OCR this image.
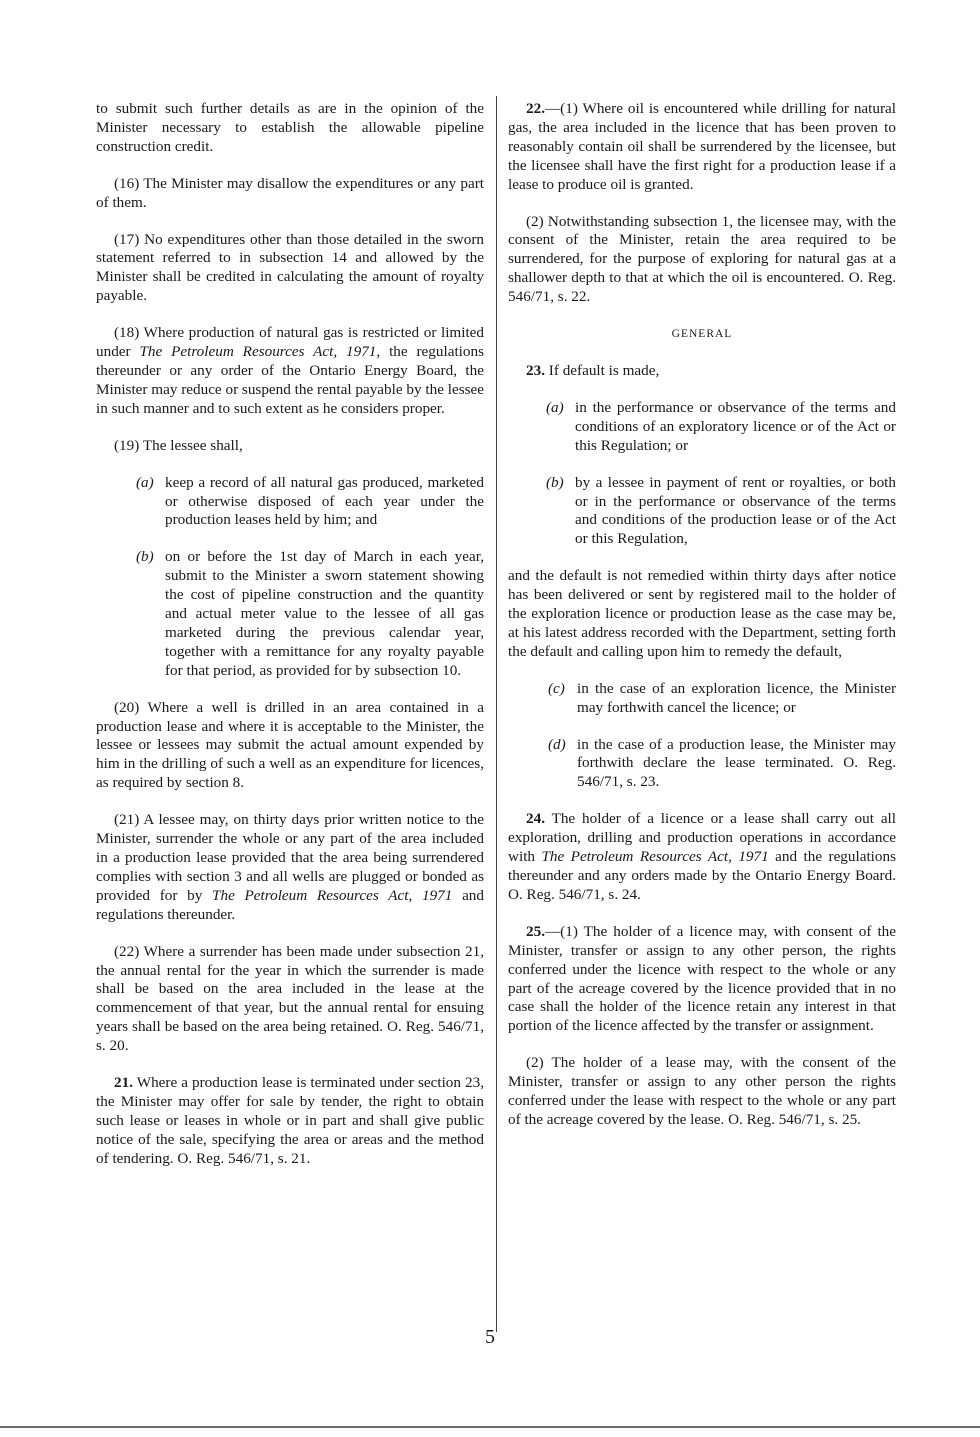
to submit such further details as are in the opinion of the Minister necessary to establish the allowable pipeline construction credit.

(16) The Minister may disallow the expenditures or any part of them.

(17) No expenditures other than those detailed in the sworn statement referred to in subsection 14 and allowed by the Minister shall be credited in calculating the amount of royalty payable.

(18) Where production of natural gas is restricted or limited under The Petroleum Resources Act, 1971, the regulations thereunder or any order of the Ontario Energy Board, the Minister may reduce or suspend the rental payable by the lessee in such manner and to such extent as he considers proper.

(19) The lessee shall,

(a) keep a record of all natural gas produced, marketed or otherwise disposed of each year under the production leases held by him; and
(b) on or before the 1st day of March in each year, submit to the Minister a sworn statement showing the cost of pipeline construction and the quantity and actual meter value to the lessee of all gas marketed during the previous calendar year, together with a remittance for any royalty payable for that period, as provided for by subsection 10.

(20) Where a well is drilled in an area contained in a production lease and where it is acceptable to the Minister, the lessee or lessees may submit the actual amount expended by him in the drilling of such a well as an expenditure for licences, as required by section 8.

(21) A lessee may, on thirty days prior written notice to the Minister, surrender the whole or any part of the area included in a production lease provided that the area being surrendered complies with section 3 and all wells are plugged or bonded as provided for by The Petroleum Resources Act, 1971 and regulations thereunder.

(22) Where a surrender has been made under subsection 21, the annual rental for the year in which the surrender is made shall be based on the area included in the lease at the commencement of that year, but the annual rental for ensuing years shall be based on the area being retained. O. Reg. 546/71, s. 20.

21. Where a production lease is terminated under section 23, the Minister may offer for sale by tender, the right to obtain such lease or leases in whole or in part and shall give public notice of the sale, specifying the area or areas and the method of tendering. O. Reg. 546/71, s. 21.

22.—(1) Where oil is encountered while drilling for natural gas, the area included in the licence that has been proven to reasonably contain oil shall be surrendered by the licensee, but the licensee shall have the first right for a production lease if a lease to produce oil is granted.

(2) Notwithstanding subsection 1, the licensee may, with the consent of the Minister, retain the area required to be surrendered, for the purpose of exploring for natural gas at a shallower depth to that at which the oil is encountered. O. Reg. 546/71, s. 22.

GENERAL

23. If default is made,

(a) in the performance or observance of the terms and conditions of an exploratory licence or of the Act or this Regulation; or
(b) by a lessee in payment of rent or royalties, or both or in the performance or observance of the terms and conditions of the production lease or of the Act or this Regulation,

and the default is not remedied within thirty days after notice has been delivered or sent by registered mail to the holder of the exploration licence or production lease as the case may be, at his latest address recorded with the Department, setting forth the default and calling upon him to remedy the default,

(c) in the case of an exploration licence, the Minister may forthwith cancel the licence; or
(d) in the case of a production lease, the Minister may forthwith declare the lease terminated. O. Reg. 546/71, s. 23.

24. The holder of a licence or a lease shall carry out all exploration, drilling and production operations in accordance with The Petroleum Resources Act, 1971 and the regulations thereunder and any orders made by the Ontario Energy Board. O. Reg. 546/71, s. 24.

25.—(1) The holder of a licence may, with consent of the Minister, transfer or assign to any other person, the rights conferred under the licence with respect to the whole or any part of the acreage covered by the licence provided that in no case shall the holder of the licence retain any interest in that portion of the licence affected by the transfer or assignment.

(2) The holder of a lease may, with the consent of the Minister, transfer or assign to any other person the rights conferred under the lease with respect to the whole or any part of the acreage covered by the lease. O. Reg. 546/71, s. 25.

5
